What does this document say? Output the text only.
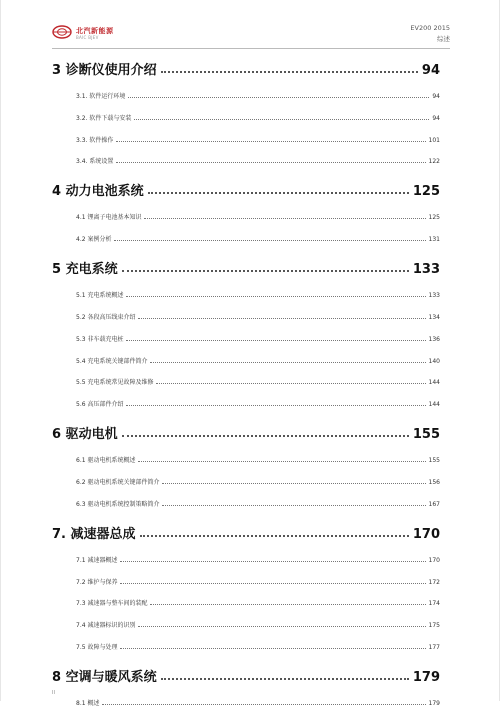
北汽新能源
BAIC BJEV
EV200 2015
综述
3 诊断仪使用介绍	94
3.1. 软件运行环境	94
3.2. 软件下载与安装	94
3.3. 软件操作	101
3.4. 系统设置	122
4 动力电池系统	125
4.1 锂离子电池基本知识	125
4.2 案例分析	131
5 充电系统	133
5.1 充电系统概述	133
5.2 各段高压线束介绍	134
5.3 非车载充电桩	136
5.4 充电系统关键部件简介	140
5.5 充电系统常见故障及维修	144
5.6 高压部件介绍	144
6 驱动电机	155
6.1 驱动电机系统概述	155
6.2 驱动电机系统关键部件简介	156
6.3 驱动电机系统控制策略简介	167
7. 减速器总成	170
7.1 减速器概述	170
7.2 维护与保养	172
7.3 减速器与整车间的装配	174
7.4 减速器标识的识别	175
7.5 故障与处理	177
8 空调与暖风系统	179
8.1 概述	179
II
